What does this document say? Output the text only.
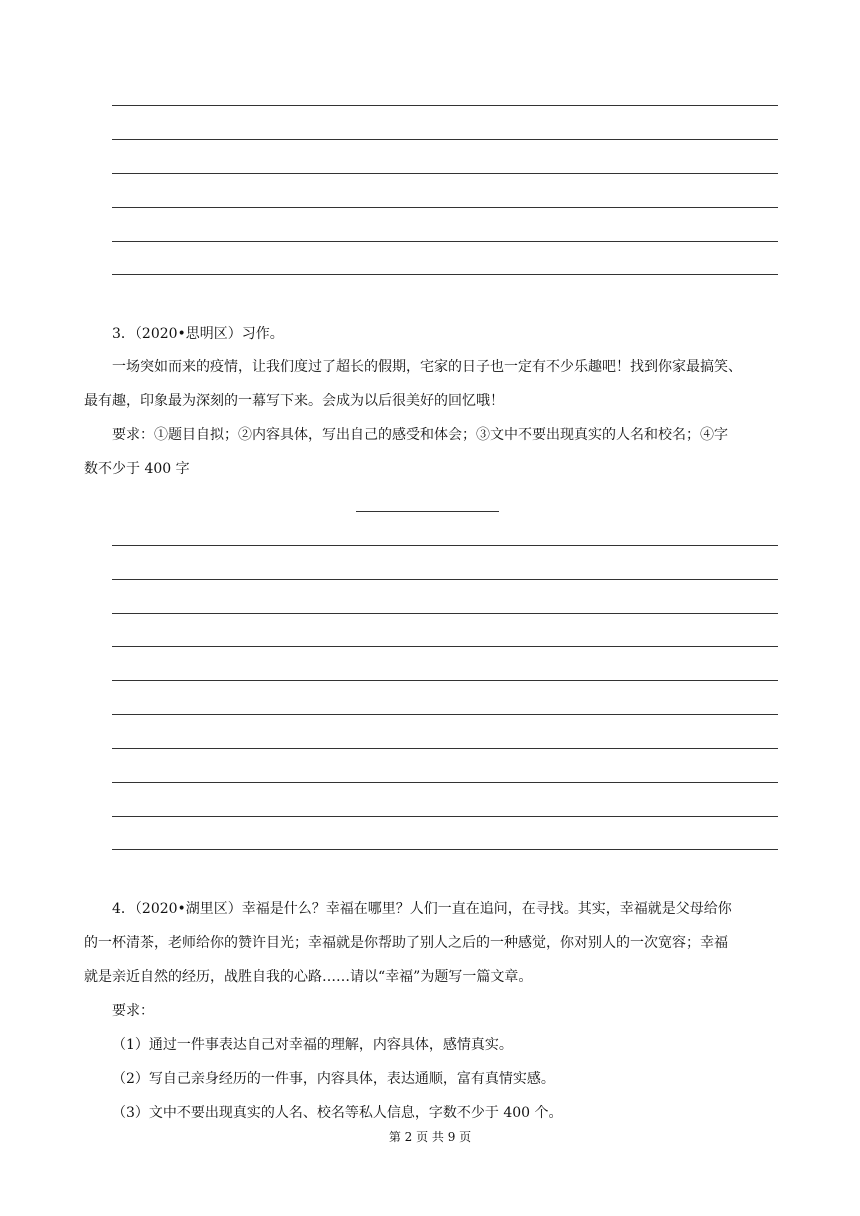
3．（2020•思明区）习作。
一场突如而来的疫情，让我们度过了超长的假期，宅家的日子也一定有不少乐趣吧！找到你家最搞笑、
最有趣，印象最为深刻的一幕写下来。会成为以后很美好的回忆哦！
要求：①题目自拟；②内容具体，写出自己的感受和体会；③文中不要出现真实的人名和校名；④字
数不少于 400 字
4．（2020•湖里区）幸福是什么？幸福在哪里？人们一直在追问，在寻找。其实，幸福就是父母给你
的一杯清茶，老师给你的赞许目光；幸福就是你帮助了别人之后的一种感觉，你对别人的一次宽容；幸福
就是亲近自然的经历，战胜自我的心路……请以“幸福”为题写一篇文章。
要求：
（1）通过一件事表达自己对幸福的理解，内容具体，感情真实。
（2）写自己亲身经历的一件事，内容具体，表达通顺，富有真情实感。
（3）文中不要出现真实的人名、校名等私人信息，字数不少于 400 个。
第 2 页 共 9 页
